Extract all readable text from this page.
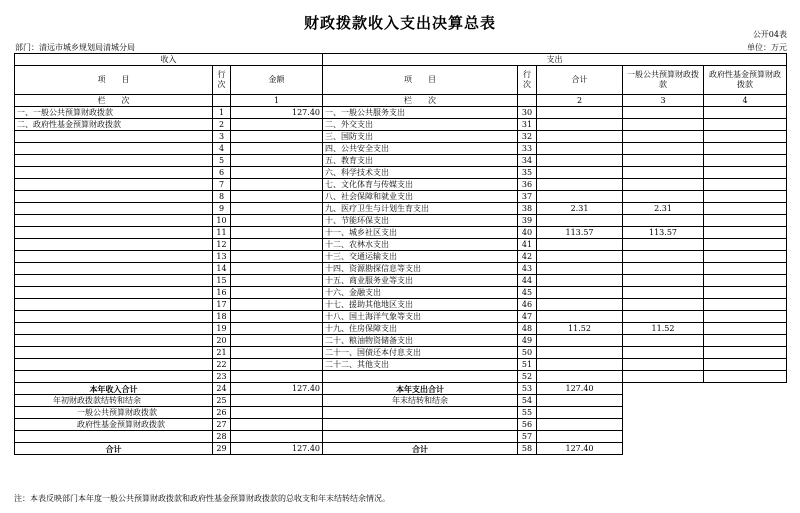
财政拨款收入支出决算总表
公开04表
部门：清远市城乡规划局清城分局	单位：万元
收入			支出				
项　　目	行次	金额	项　　目	行次	合计	一般公共预算财政拨款	政府性基金预算财政拨款
栏　　次		1	栏　　次		2	3	4
一、一般公共预算财政拨款	1	127.40	一、一般公共服务支出	30			
二、政府性基金预算财政拨款	2		二、外交支出	31			
	3		三、国防支出	32			
	4		四、公共安全支出	33			
	5		五、教育支出	34			
	6		六、科学技术支出	35			
	7		七、文化体育与传媒支出	36			
	8		八、社会保障和就业支出	37			
	9		九、医疗卫生与计划生育支出	38	2.31	2.31	
	10		十、节能环保支出	39			
	11		十一、城乡社区支出	40	113.57	113.57	
	12		十二、农林水支出	41			
	13		十三、交通运输支出	42			
	14		十四、资源勘探信息等支出	43			
	15		十五、商业服务业等支出	44			
	16		十六、金融支出	45			
	17		十七、援助其他地区支出	46			
	18		十八、国土海洋气象等支出	47			
	19		十九、住房保障支出	48	11.52	11.52	
	20		二十、粮油物资储备支出	49			
	21		二十一、国债还本付息支出	50			
	22		二十二、其他支出	51			
	23			52			
本年收入合计	24	127.40	本年支出合计	53	127.40		
年初财政拨款结转和结余	25		年末结转和结余	54			
一般公共预算财政拨款	26			55			
政府性基金预算财政拨款	27			56			
	28			57			
合计	29	127.40	合计	58	127.40		
注：本表反映部门本年度一般公共预算财政拨款和政府性基金预算财政拨款的总收支和年末结转结余情况。
